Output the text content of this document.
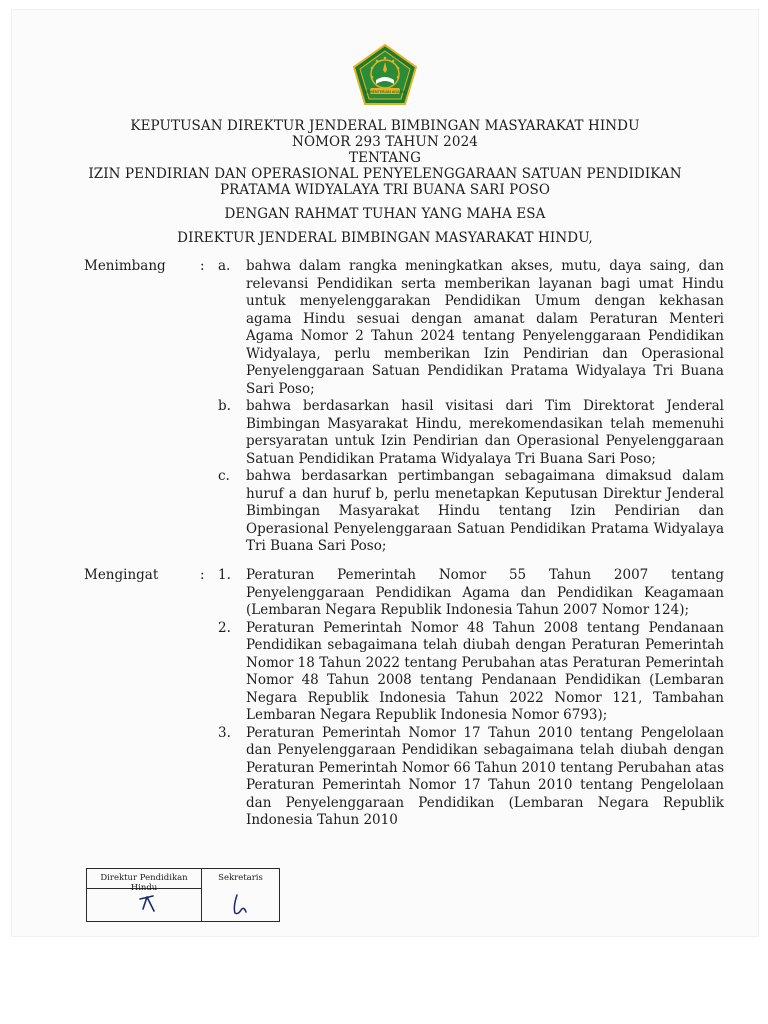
KEMENTERIAN AGAMA
KEPUTUSAN DIREKTUR JENDERAL BIMBINGAN MASYARAKAT HINDU
NOMOR 293 TAHUN 2024
TENTANG
IZIN PENDIRIAN DAN OPERASIONAL PENYELENGGARAAN SATUAN PENDIDIKAN
PRATAMA WIDYALAYA TRI BUANA SARI POSO
DENGAN RAHMAT TUHAN YANG MAHA ESA
DIREKTUR JENDERAL BIMBINGAN MASYARAKAT HINDU,
Menimbang	: a.	bahwa dalam rangka meningkatkan akses, mutu, daya saing, dan relevansi Pendidikan serta memberikan layanan bagi umat Hindu untuk menyelenggarakan Pendidikan Umum dengan kekhasan agama Hindu sesuai dengan amanat dalam Peraturan Menteri Agama Nomor 2 Tahun 2024 tentang Penyelenggaraan Pendidikan Widyalaya, perlu memberikan Izin Pendirian dan Operasional Penyelenggaraan Satuan Pendidikan Pratama Widyalaya Tri Buana Sari Poso;
b.	bahwa berdasarkan hasil visitasi dari Tim Direktorat Jenderal Bimbingan Masyarakat Hindu, merekomendasikan telah memenuhi persyaratan untuk Izin Pendirian dan Operasional Penyelenggaraan Satuan Pendidikan Pratama Widyalaya Tri Buana Sari Poso;
c.	bahwa berdasarkan pertimbangan sebagaimana dimaksud dalam huruf a dan huruf b, perlu menetapkan Keputusan Direktur Jenderal Bimbingan Masyarakat Hindu tentang Izin Pendirian dan Operasional Penyelenggaraan Satuan Pendidikan Pratama Widyalaya Tri Buana Sari Poso;
Mengingat	: 1.	Peraturan Pemerintah Nomor 55 Tahun 2007 tentang Penyelenggaraan Pendidikan Agama dan Pendidikan Keagamaan (Lembaran Negara Republik Indonesia Tahun 2007 Nomor 124);
2.	Peraturan Pemerintah Nomor 48 Tahun 2008 tentang Pendanaan Pendidikan sebagaimana telah diubah dengan Peraturan Pemerintah Nomor 18 Tahun 2022 tentang Perubahan atas Peraturan Pemerintah Nomor 48 Tahun 2008 tentang Pendanaan Pendidikan (Lembaran Negara Republik Indonesia Tahun 2022 Nomor 121, Tambahan Lembaran Negara Republik Indonesia Nomor 6793);
3.	Peraturan Pemerintah Nomor 17 Tahun 2010 tentang Pengelolaan dan Penyelenggaraan Pendidikan sebagaimana telah diubah dengan Peraturan Pemerintah Nomor 66 Tahun 2010 tentang Perubahan atas Peraturan Pemerintah Nomor 17 Tahun 2010 tentang Pengelolaan dan Penyelenggaraan Pendidikan (Lembaran Negara Republik Indonesia Tahun 2010
Direktur Pendidikan Hindu
Sekretaris
